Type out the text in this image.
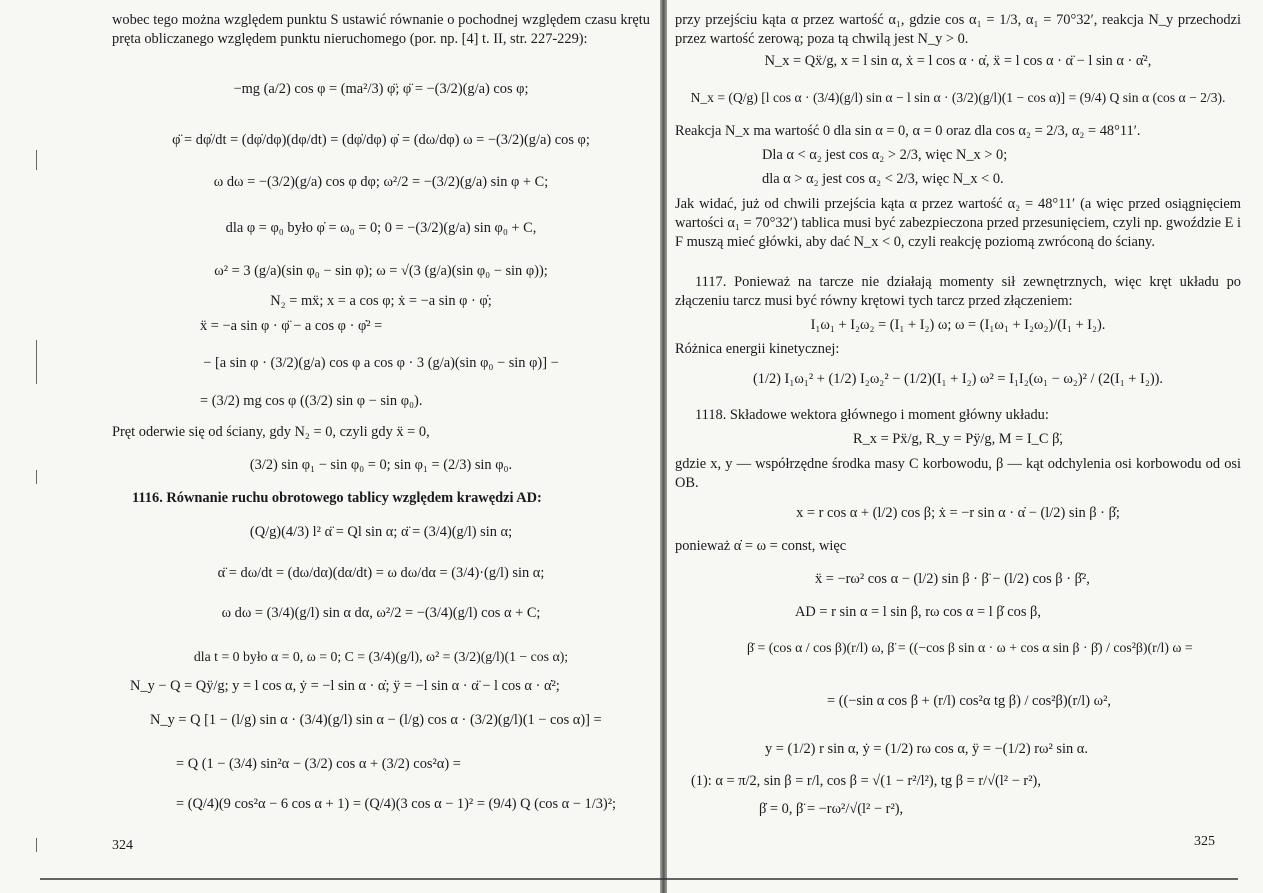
wobec tego można względem punktu S ustawić równanie o pochodnej względem czasu krętu pręta obliczanego względem punktu nieruchomego (por. np. [4] t. II, str. 227-229):
−mg (a/2) cos φ = (ma²/3) φ̈; φ̈ = −(3/2)(g/a) cos φ;
φ̈ = dφ̇/dt = (dφ̇/dφ)(dφ/dt) = (dφ̇/dφ) φ̇ = (dω/dφ) ω = −(3/2)(g/a) cos φ;
ω dω = −(3/2)(g/a) cos φ dφ; ω²/2 = −(3/2)(g/a) sin φ + C;
dla φ = φ₀ było φ̇ = ω₀ = 0; 0 = −(3/2)(g/a) sin φ₀ + C,
ω² = 3 (g/a)(sin φ₀ − sin φ); ω = √(3 (g/a)(sin φ₀ − sin φ));
N₂ = mẍ; x = a cos φ; ẋ = −a sin φ · φ̇;
ẍ = −a sin φ · φ̈ − a cos φ · φ̇² =
− [a sin φ · (3/2)(g/a) cos φ a cos φ · 3 (g/a)(sin φ₀ − sin φ)] −
= (3/2) mg cos φ ((3/2) sin φ − sin φ₀).
Pręt oderwie się od ściany, gdy N₂ = 0, czyli gdy ẍ = 0,
(3/2) sin φ₁ − sin φ₀ = 0; sin φ₁ = (2/3) sin φ₀.
1116. Równanie ruchu obrotowego tablicy względem krawędzi AD:
(Q/g)(4/3) l² α̈ = Ql sin α; α̈ = (3/4)(g/l) sin α;
α̈ = dω/dt = (dω/dα)(dα/dt) = ω dω/dα = (3/4)·(g/l) sin α;
ω dω = (3/4)(g/l) sin α dα, ω²/2 = −(3/4)(g/l) cos α + C;
dla t = 0 było α = 0, ω = 0; C = (3/4)(g/l), ω² = (3/2)(g/l)(1 − cos α);
N_y − Q = Qÿ/g; y = l cos α, ẏ = −l sin α · α̇; ÿ = −l sin α · α̈ − l cos α · α̇²;
N_y = Q [1 − (l/g) sin α · (3/4)(g/l) sin α − (l/g) cos α · (3/2)(g/l)(1 − cos α)] =
= Q (1 − (3/4) sin²α − (3/2) cos α + (3/2) cos²α) =
= (Q/4)(9 cos²α − 6 cos α + 1) = (Q/4)(3 cos α − 1)² = (9/4) Q (cos α − 1/3)²;
324
przy przejściu kąta α przez wartość α₁, gdzie cos α₁ = 1/3, α₁ = 70°32′, reakcja N_y przechodzi przez wartość zerową; poza tą chwilą jest N_y > 0.
N_x = Qẍ/g, x = l sin α, ẋ = l cos α · α̇, ẍ = l cos α · α̈ − l sin α · α̇²,
N_x = (Q/g) [l cos α · (3/4)(g/l) sin α − l sin α · (3/2)(g/l)(1 − cos α)] = (9/4) Q sin α (cos α − 2/3).
Reakcja N_x ma wartość 0 dla sin α = 0, α = 0 oraz dla cos α₂ = 2/3, α₂ = 48°11′.
Dla α < α₂ jest cos α₂ > 2/3, więc N_x > 0;
dla α > α₂ jest cos α₂ < 2/3, więc N_x < 0.
Jak widać, już od chwili przejścia kąta α przez wartość α₂ = 48°11′ (a więc przed osiągnięciem wartości α₁ = 70°32′) tablica musi być zabezpieczona przed przesunięciem, czyli np. gwoździe E i F muszą mieć główki, aby dać N_x < 0, czyli reakcję poziomą zwróconą do ściany.
1117. Ponieważ na tarcze nie działają momenty sił zewnętrznych, więc kręt układu po złączeniu tarcz musi być równy krętowi tych tarcz przed złączeniem:
I₁ω₁ + I₂ω₂ = (I₁ + I₂) ω; ω = (I₁ω₁ + I₂ω₂)/(I₁ + I₂).
Różnica energii kinetycznej:
(1/2) I₁ω₁² + (1/2) I₂ω₂² − (1/2)(I₁ + I₂) ω² = I₁I₂(ω₁ − ω₂)² / (2(I₁ + I₂)).
1118. Składowe wektora głównego i moment główny układu:
R_x = Pẍ/g, R_y = Pÿ/g, M = I_C β̈,
gdzie x, y — współrzędne środka masy C korbowodu, β — kąt odchylenia osi korbowodu od osi OB.
x = r cos α + (l/2) cos β; ẋ = −r sin α · α̇ − (l/2) sin β · β̇;
ponieważ α̇ = ω = const, więc
ẍ = −rω² cos α − (l/2) sin β · β̈ − (l/2) cos β · β̇²,
AD = r sin α = l sin β, rω cos α = l β̇ cos β,
β̇ = (cos α / cos β)(r/l) ω, β̈ = ((−cos β sin α · ω + cos α sin β · β̇) / cos²β)(r/l) ω =
= ((−sin α cos β + (r/l) cos²α tg β) / cos²β)(r/l) ω²,
y = (1/2) r sin α, ẏ = (1/2) rω cos α, ÿ = −(1/2) rω² sin α.
(1): α = π/2, sin β = r/l, cos β = √(1 − r²/l²), tg β = r/√(l² − r²),
β̇ = 0, β̈ = −rω²/√(l² − r²),
325
